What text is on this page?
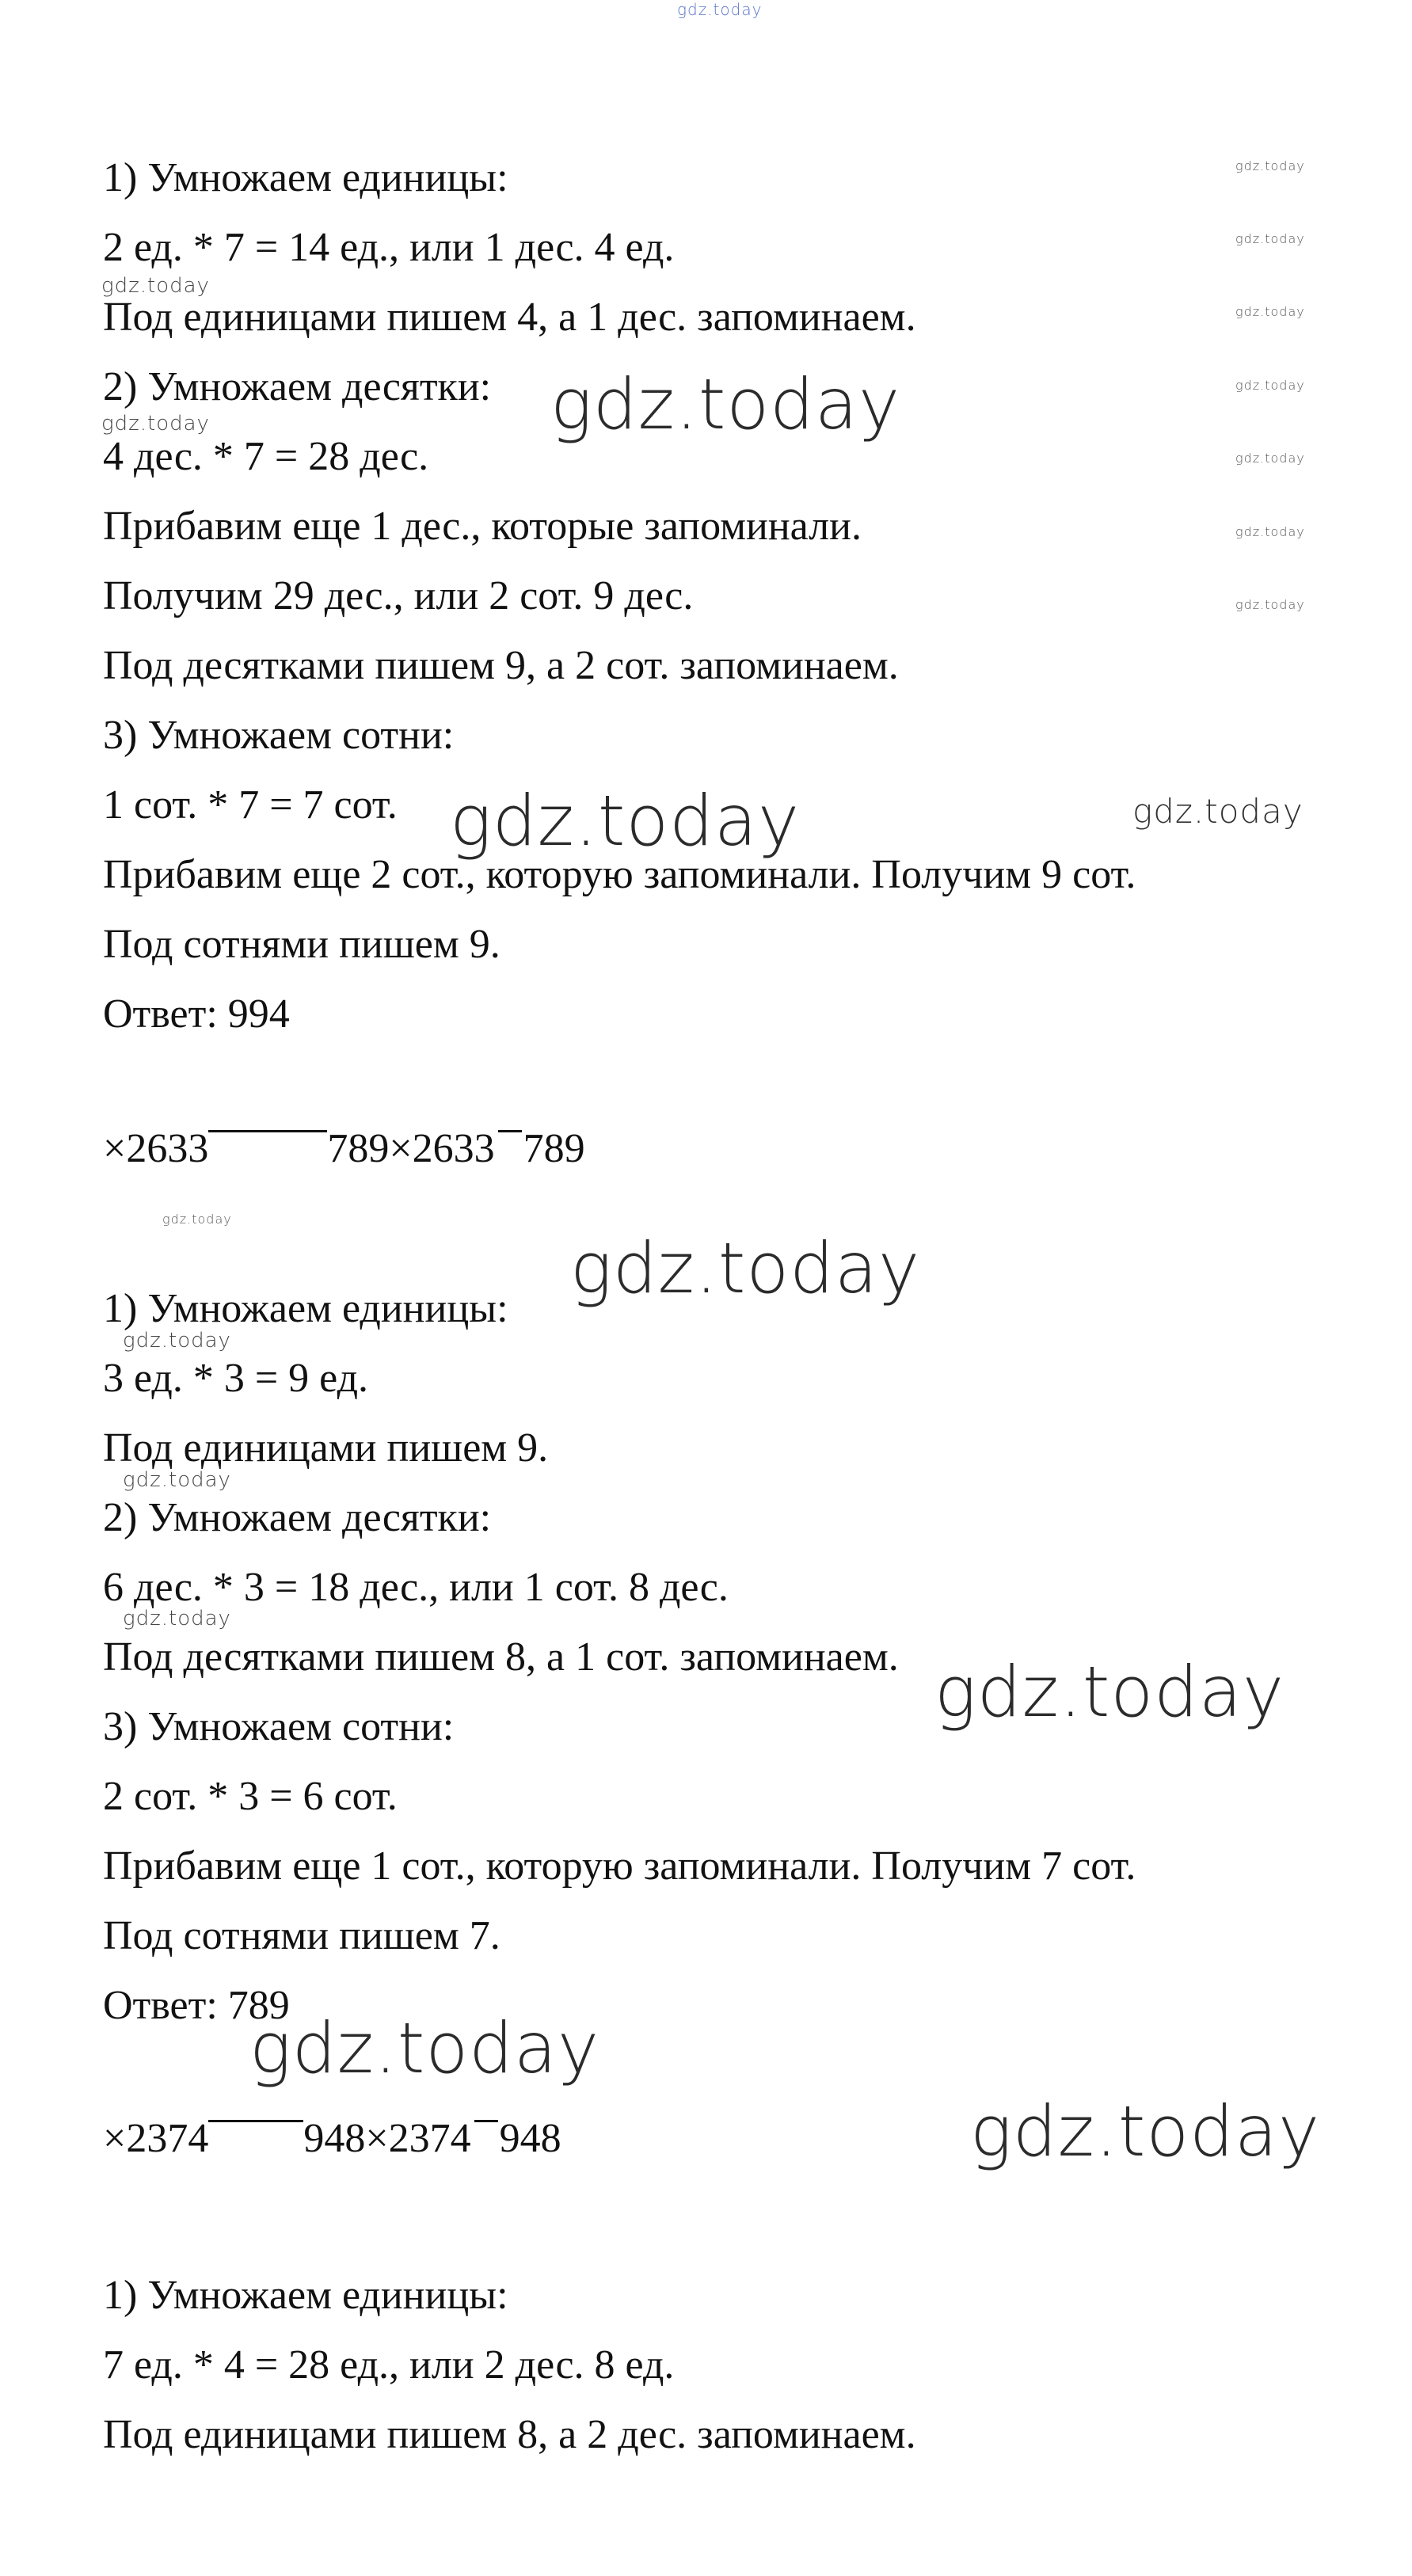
gdz.today
1) Умножаем единицы:
2 ед. * 7 = 14 ед., или 1 дес. 4 ед.
Под единицами пишем 4, а 1 дес. запоминаем.
2) Умножаем десятки:
4 дес. * 7 = 28 дес.
Прибавим еще 1 дес., которые запоминали.
Получим 29 дес., или 2 сот. 9 дес.
Под десятками пишем 9, а 2 сот. запоминаем.
3) Умножаем сотни:
1 сот. * 7 = 7 сот.
Прибавим еще 2 сот., которую запоминали. Получим 9 сот.
Под сотнями пишем 9.
Ответ: 994
×2633	789×2633 789
1) Умножаем единицы:
3 ед. * 3 = 9 ед.
Под единицами пишем 9.
2) Умножаем десятки:
6 дес. * 3 = 18 дес., или 1 сот. 8 дес.
Под десятками пишем 8, а 1 сот. запоминаем.
3) Умножаем сотни:
2 сот. * 3 = 6 сот.
Прибавим еще 1 сот., которую запоминали. Получим 7 сот.
Под сотнями пишем 7.
Ответ: 789
×2374 948×2374 948
1) Умножаем единицы:
7 ед. * 4 = 28 ед., или 2 дес. 8 ед.
Под единицами пишем 8, а 2 дес. запоминаем.
gdz.today
gdz.today
gdz.today
gdz.today
gdz.today
gdz.today
gdz.today
gdz.today
gdz.today
gdz.today
gdz.today
gdz.today
gdz.today
gdz.today
gdz.today
gdz.today
gdz.today
gdz.today
gdz.today
gdz.today
